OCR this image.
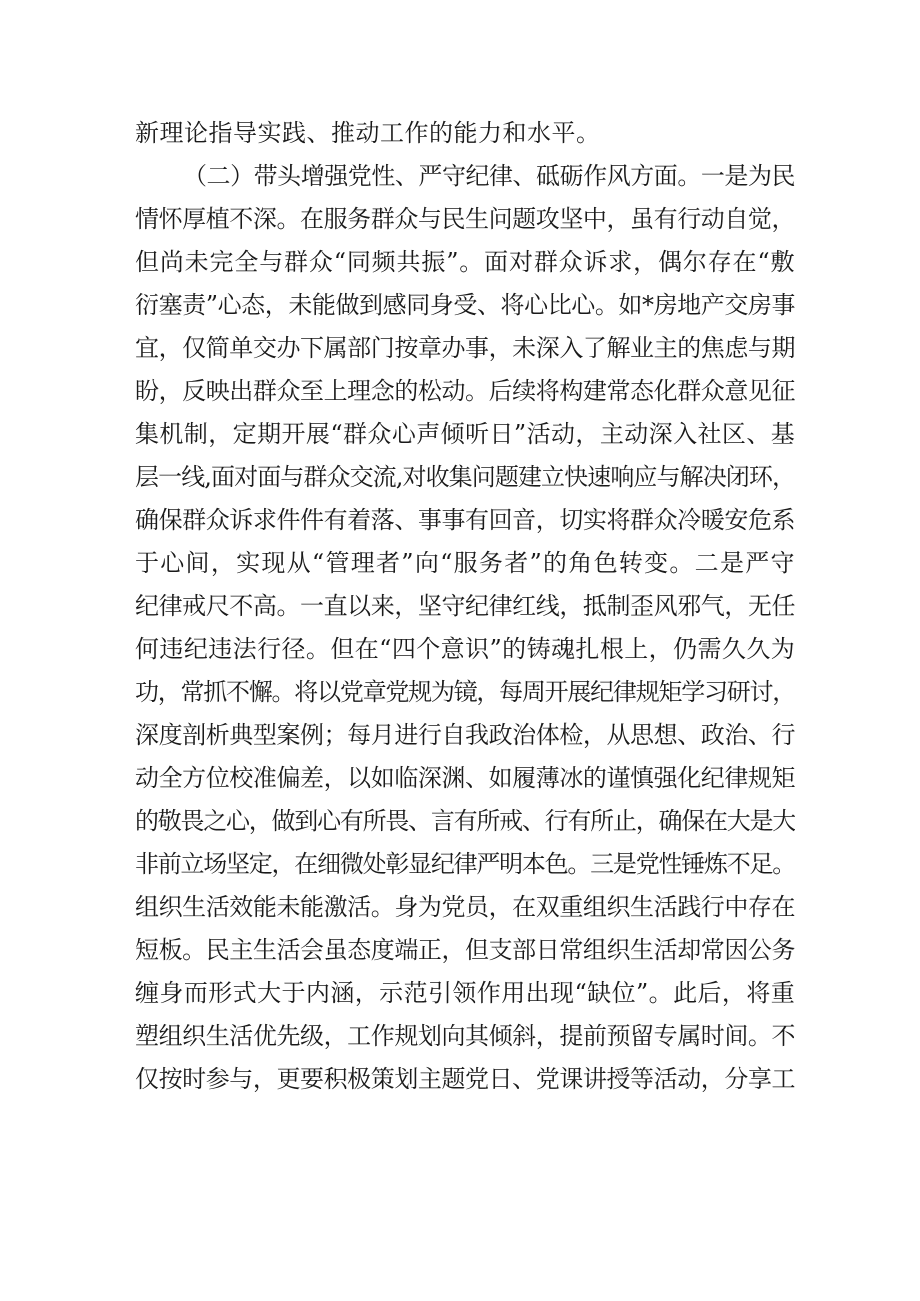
新理论指导实践、推动工作的能力和水平。
（二）带头增强党性、严守纪律、砥砺作风方面。一是为民
情怀厚植不深。在服务群众与民生问题攻坚中，虽有行动自觉，
但尚未完全与群众“同频共振”。面对群众诉求，偶尔存在“敷
衍塞责”心态，未能做到感同身受、将心比心。如*房地产交房事
宜，仅简单交办下属部门按章办事，未深入了解业主的焦虑与期
盼，反映出群众至上理念的松动。后续将构建常态化群众意见征
集机制，定期开展“群众心声倾听日”活动，主动深入社区、基
层一线,面对面与群众交流,对收集问题建立快速响应与解决闭环，
确保群众诉求件件有着落、事事有回音，切实将群众冷暖安危系
于心间，实现从“管理者”向“服务者”的角色转变。二是严守
纪律戒尺不高。一直以来，坚守纪律红线，抵制歪风邪气，无任
何违纪违法行径。但在“四个意识”的铸魂扎根上，仍需久久为
功，常抓不懈。将以党章党规为镜，每周开展纪律规矩学习研讨，
深度剖析典型案例；每月进行自我政治体检，从思想、政治、行
动全方位校准偏差，以如临深渊、如履薄冰的谨慎强化纪律规矩
的敬畏之心，做到心有所畏、言有所戒、行有所止，确保在大是大
非前立场坚定，在细微处彰显纪律严明本色。三是党性锤炼不足。
组织生活效能未能激活。身为党员，在双重组织生活践行中存在
短板。民主生活会虽态度端正，但支部日常组织生活却常因公务
缠身而形式大于内涵，示范引领作用出现“缺位”。此后，将重
塑组织生活优先级，工作规划向其倾斜，提前预留专属时间。不
仅按时参与，更要积极策划主题党日、党课讲授等活动，分享工
